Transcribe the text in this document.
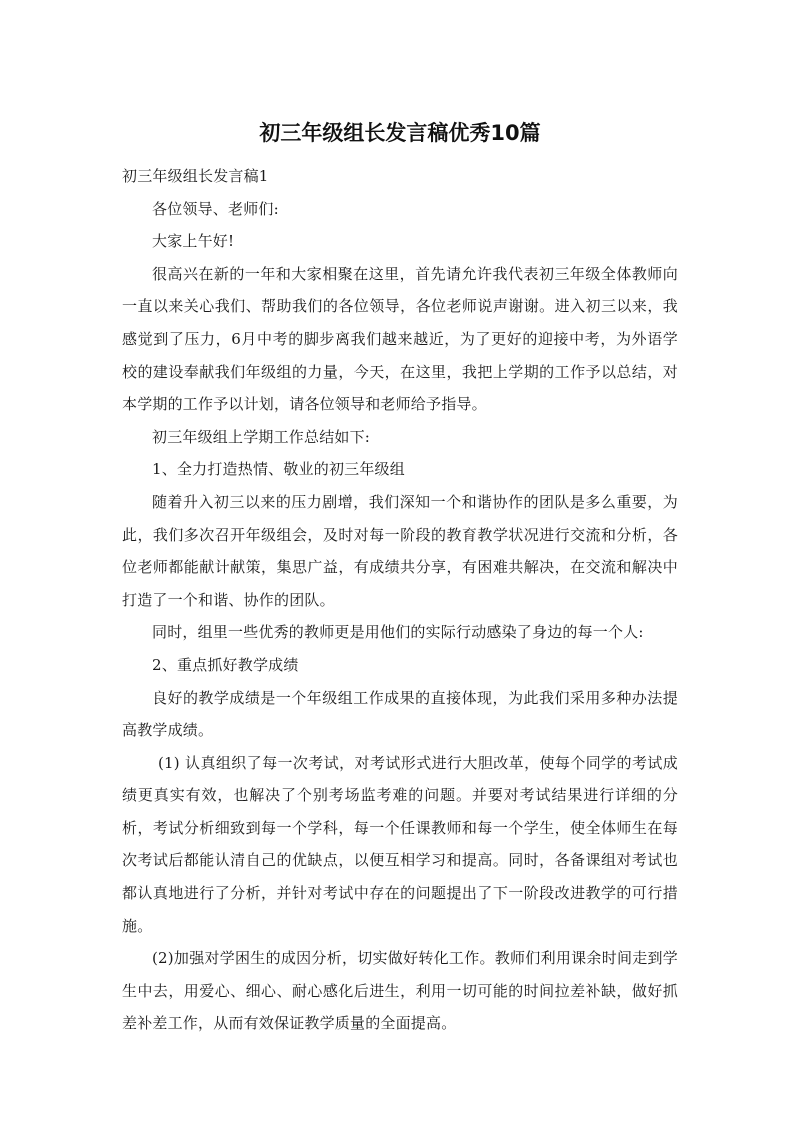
初三年级组长发言稿优秀10篇

初三年级组长发言稿1

各位领导、老师们:

大家上午好!

很高兴在新的一年和大家相聚在这里，首先请允许我代表初三年级全体教师向一直以来关心我们、帮助我们的各位领导，各位老师说声谢谢。进入初三以来，我感觉到了压力，6月中考的脚步离我们越来越近，为了更好的迎接中考，为外语学校的建设奉献我们年级组的力量，今天，在这里，我把上学期的工作予以总结，对本学期的工作予以计划，请各位领导和老师给予指导。

初三年级组上学期工作总结如下:

1、全力打造热情、敬业的初三年级组

随着升入初三以来的压力剧增，我们深知一个和谐协作的团队是多么重要，为此，我们多次召开年级组会，及时对每一阶段的教育教学状况进行交流和分析，各位老师都能献计献策，集思广益，有成绩共分享，有困难共解决，在交流和解决中打造了一个和谐、协作的团队。

同时，组里一些优秀的教师更是用他们的实际行动感染了身边的每一个人:

2、重点抓好教学成绩

良好的教学成绩是一个年级组工作成果的直接体现，为此我们采用多种办法提高教学成绩。

(1) 认真组织了每一次考试，对考试形式进行大胆改革，使每个同学的考试成绩更真实有效，也解决了个别考场监考难的问题。并要对考试结果进行详细的分析，考试分析细致到每一个学科，每一个任课教师和每一个学生，使全体师生在每次考试后都能认清自己的优缺点，以便互相学习和提高。同时，各备课组对考试也都认真地进行了分析，并针对考试中存在的问题提出了下一阶段改进教学的可行措施。

(2)加强对学困生的成因分析，切实做好转化工作。教师们利用课余时间走到学生中去，用爱心、细心、耐心感化后进生，利用一切可能的时间拉差补缺，做好抓差补差工作，从而有效保证教学质量的全面提高。
